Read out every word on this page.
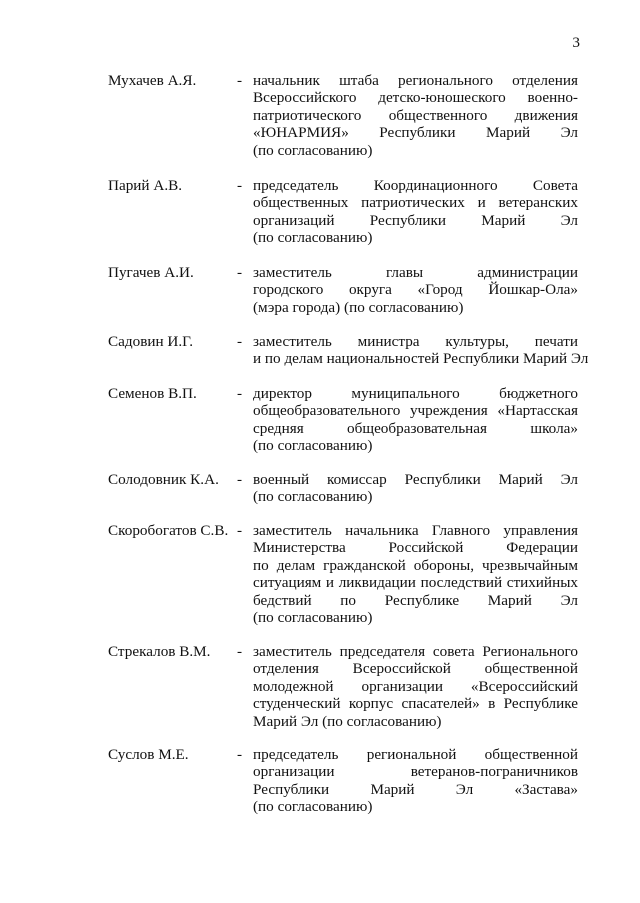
3
Мухачев А.Я.	- начальник штаба регионального отделения
Всероссийского детско-юношеского военно-
патриотического общественного движения
«ЮНАРМИЯ» Республики Марий Эл
(по согласованию)
Парий А.В.	- председатель Координационного Совета
общественных патриотических и ветеранских
организаций Республики Марий Эл
(по согласованию)
Пугачев А.И.	- заместитель главы администрации
городского округа «Город Йошкар-Ола»
(мэра города) (по согласованию)
Садовин И.Г.	- заместитель министра культуры, печати
и по делам национальностей Республики Марий Эл
Семенов В.П.	- директор муниципального бюджетного
общеобразовательного учреждения «Нартасская
средняя общеобразовательная школа»
(по согласованию)
Солодовник К.А. - военный комиссар Республики Марий Эл
(по согласованию)
Скоробогатов С.В. - заместитель начальника Главного управления
Министерства Российской Федерации
по делам гражданской обороны, чрезвычайным
ситуациям и ликвидации последствий стихийных
бедствий по Республике Марий Эл
(по согласованию)
Стрекалов В.М. - заместитель председателя совета Регионального
отделения Всероссийской общественной
молодежной организации «Всероссийский
студенческий корпус спасателей» в Республике
Марий Эл (по согласованию)
Суслов М.Е.	- председатель региональной общественной
организации ветеранов-пограничников
Республики Марий Эл «Застава»
(по согласованию)
